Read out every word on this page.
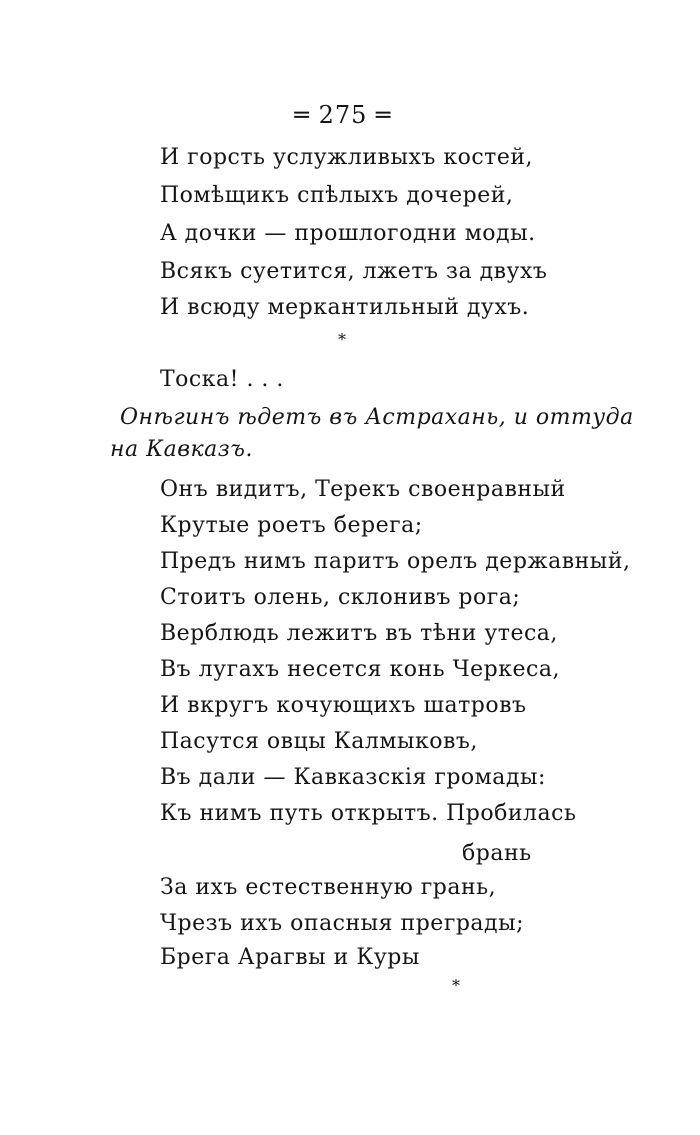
═ 275 ═
И горсть услужливыхъ костей,
Помѣщикъ спѣлыхъ дочерей,
А дочки — прошлогодни моды.
Всякъ суетится, лжетъ за двухъ
И всюду меркантильный духъ.
*
Тоска! . . .
Онѣгинъ ѣдетъ въ Астрахань, и оттуда
на Кавказъ.
Онъ видитъ, Терекъ своенравный
Крутые роетъ берега;
Предъ нимъ паритъ орелъ державный,
Стоитъ олень, склонивъ рога;
Верблюдь лежитъ въ тѣни утеса,
Въ лугахъ несется конь Черкеса,
И вкругъ кочующихъ шатровъ
Пасутся овцы Калмыковъ,
Въ дали — Кавказскія громады:
Къ нимъ путь открытъ. Пробилась
брань
За ихъ естественную грань,
Чрезъ ихъ опасныя преграды;
Брега Арагвы и Куры
*
